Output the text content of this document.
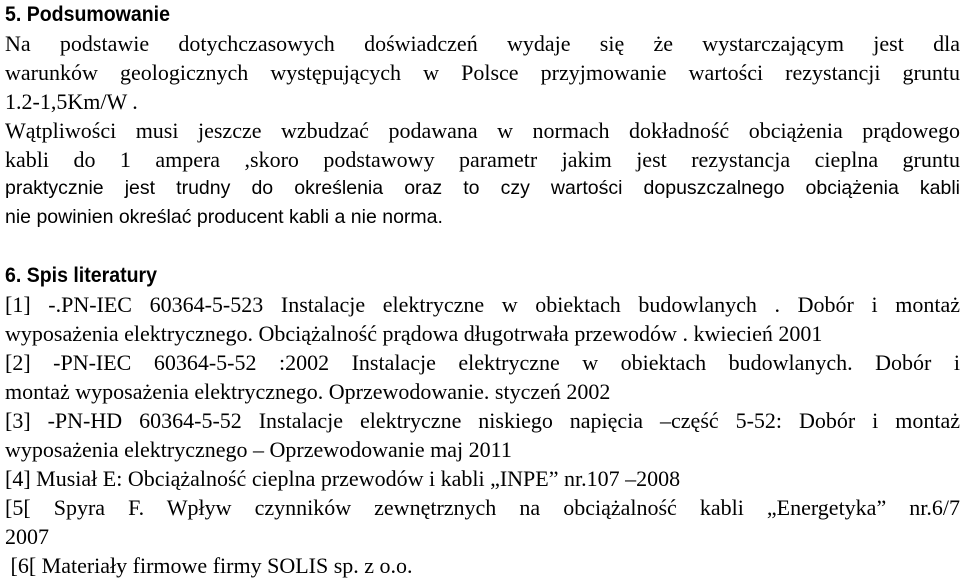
5. Podsumowanie

Na podstawie dotychczasowych doświadczeń wydaje się że wystarczającym jest dla

warunków geologicznych występujących w Polsce przyjmowanie wartości rezystancji gruntu

1.2-1,5Km/W .

Wątpliwości musi jeszcze wzbudzać podawana w normach dokładność obciążenia prądowego

kabli do 1 ampera ,skoro podstawowy parametr jakim jest rezystancja cieplna gruntu

praktycznie jest trudny do określenia oraz to czy wartości dopuszczalnego obciążenia kabli

nie powinien określać producent kabli a nie norma.

6. Spis literatury

[1] -.PN-IEC 60364-5-523 Instalacje elektryczne w obiektach budowlanych . Dobór i montaż

wyposażenia elektrycznego. Obciążalność prądowa długotrwała przewodów . kwiecień 2001

[2] -PN-IEC 60364-5-52 :2002 Instalacje elektryczne w obiektach budowlanych. Dobór i

montaż wyposażenia elektrycznego. Oprzewodowanie. styczeń 2002

[3] -PN-HD 60364-5-52 Instalacje elektryczne niskiego napięcia –część 5-52: Dobór i montaż

wyposażenia elektrycznego – Oprzewodowanie maj 2011

[4] Musiał E: Obciążalność cieplna przewodów i kabli „INPE” nr.107 –2008

[5[ Spyra F. Wpływ czynników zewnętrznych na obciążalność kabli „Energetyka” nr.6/7

2007

[6[ Materiały firmowe firmy SOLIS sp. z o.o.
